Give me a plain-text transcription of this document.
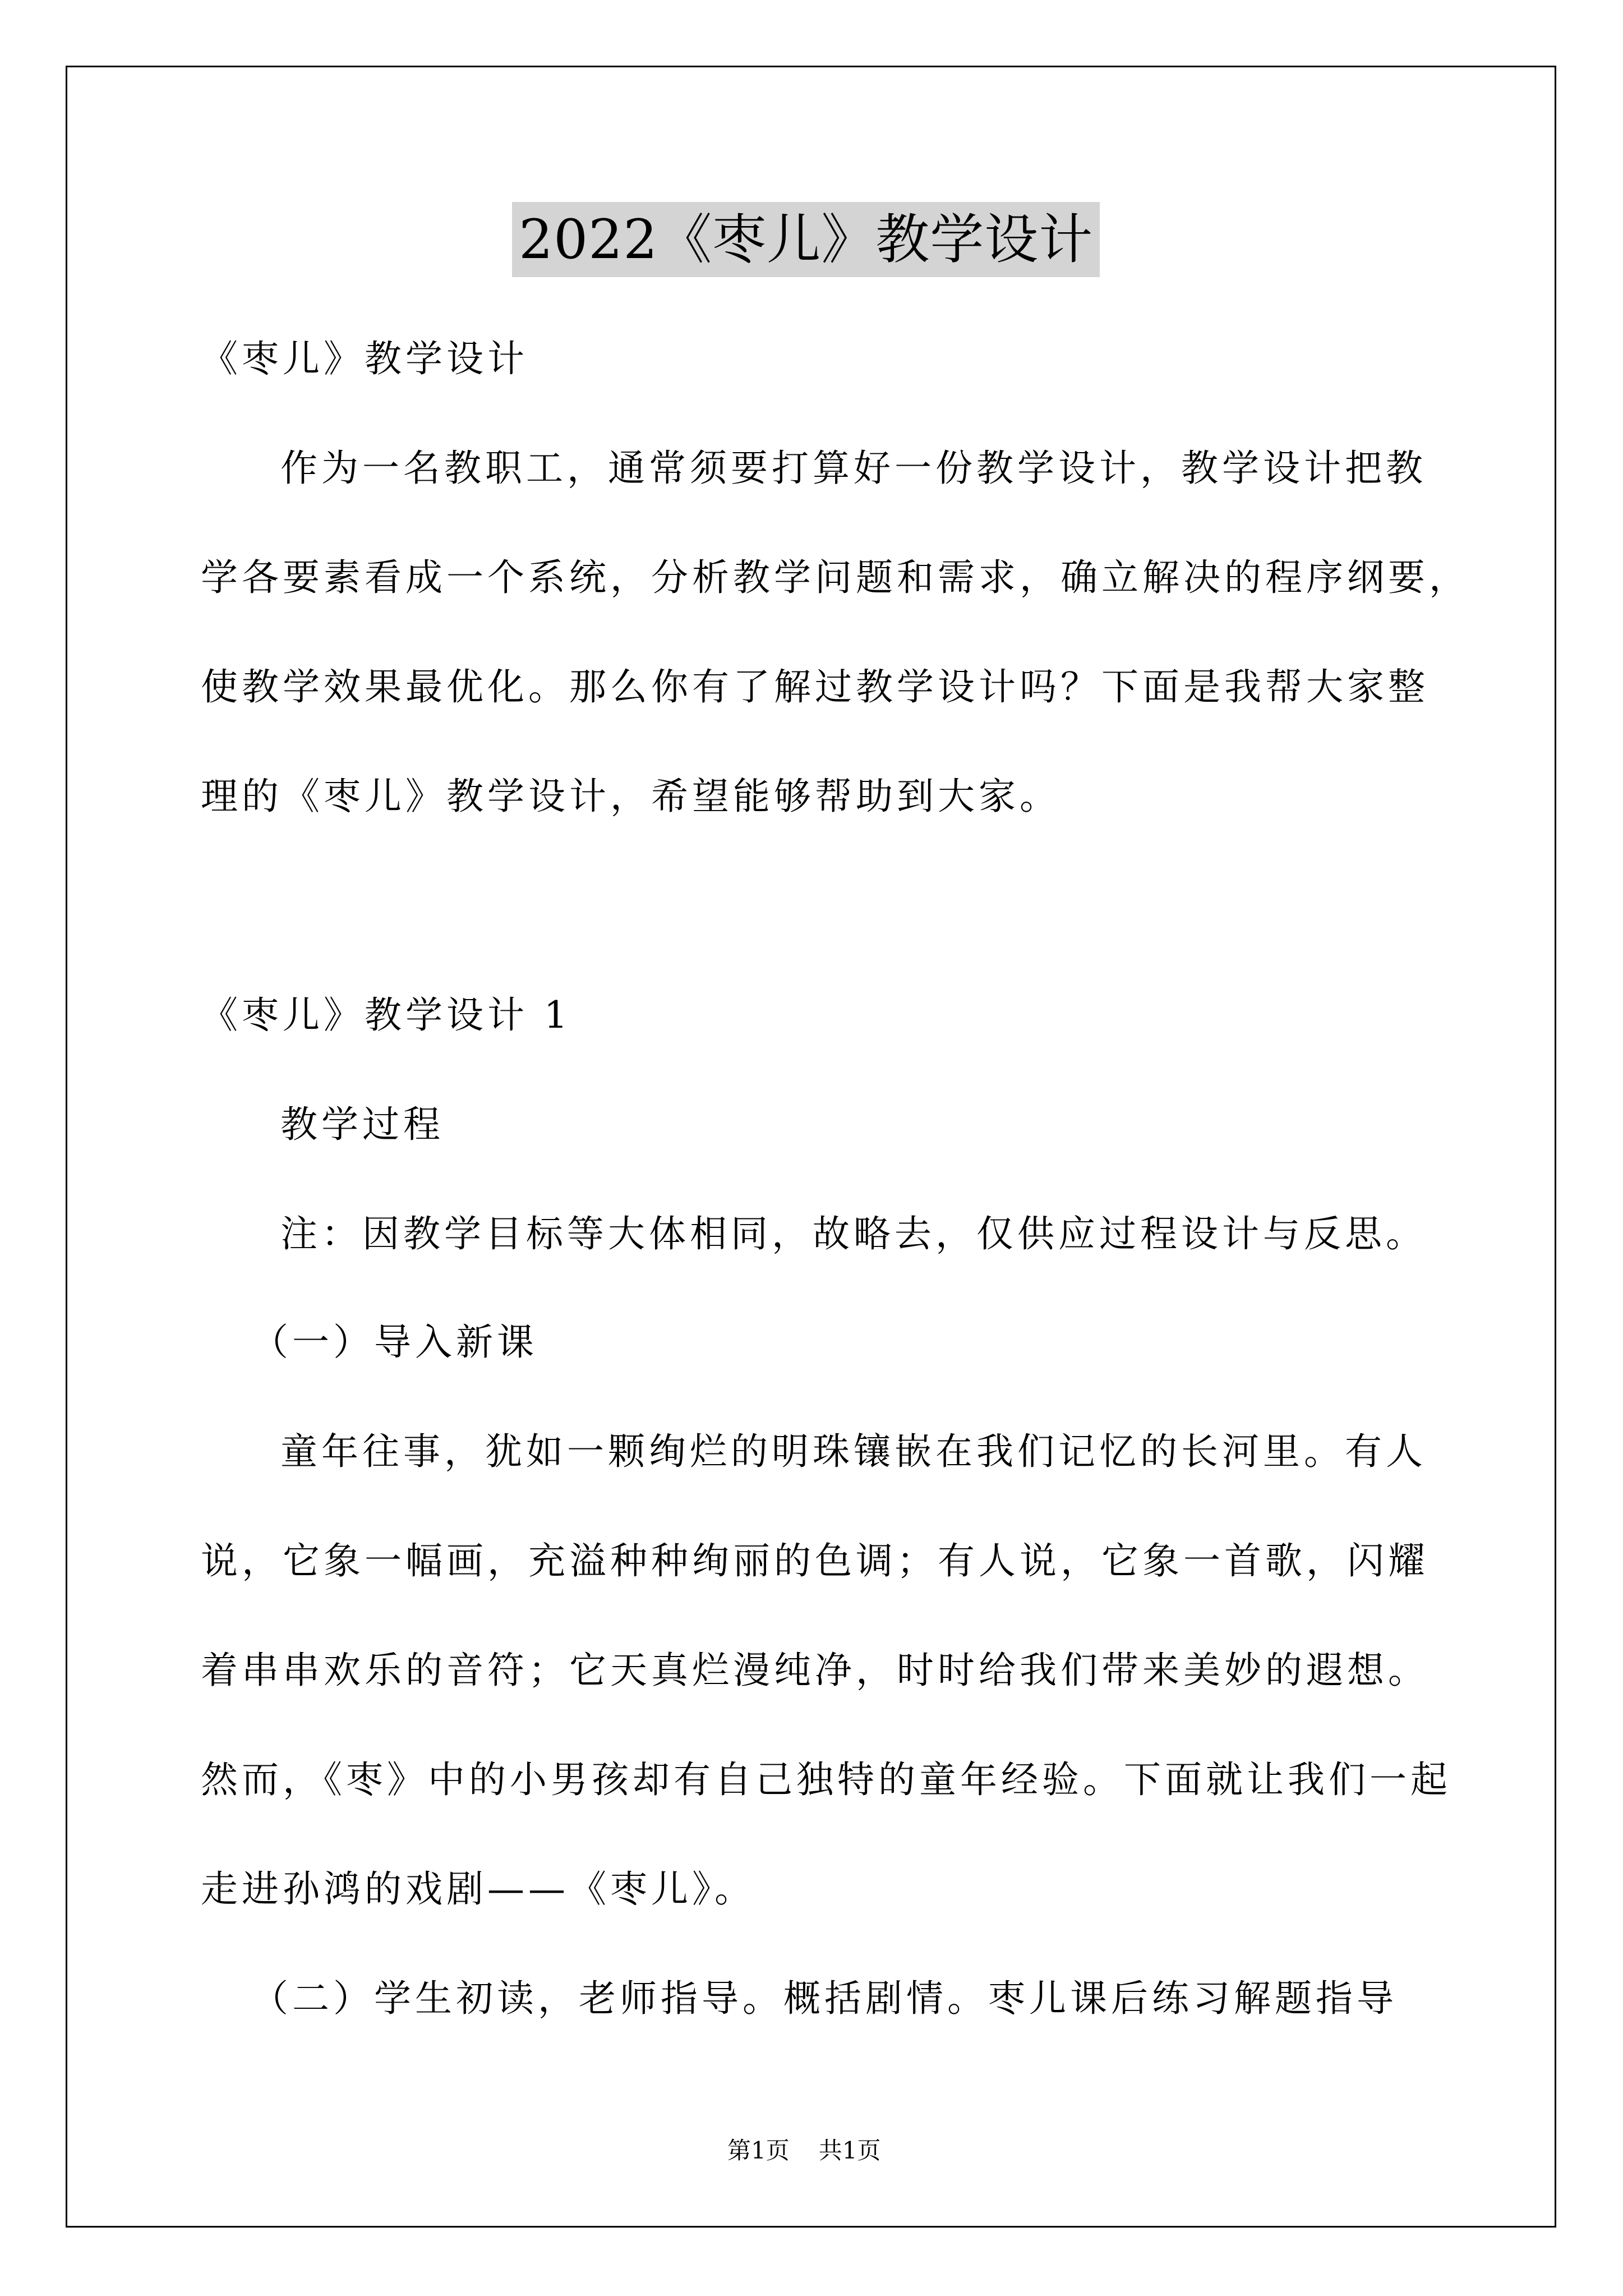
2022《枣儿》教学设计
《枣儿》教学设计
作为一名教职工，通常须要打算好一份教学设计，教学设计把教
学各要素看成一个系统，分析教学问题和需求，确立解决的程序纲要，
使教学效果最优化。那么你有了解过教学设计吗？下面是我帮大家整
理的《枣儿》教学设计，希望能够帮助到大家。
《枣儿》教学设计 1
教学过程
注：因教学目标等大体相同，故略去，仅供应过程设计与反思。
（一）导入新课
童年往事，犹如一颗绚烂的明珠镶嵌在我们记忆的长河里。有人
说，它象一幅画，充溢种种绚丽的色调；有人说，它象一首歌，闪耀
着串串欢乐的音符；它天真烂漫纯净，时时给我们带来美妙的遐想。
然而，《枣》中的小男孩却有自己独特的童年经验。下面就让我们一起
走进孙鸿的戏剧——《枣儿》。
（二）学生初读，老师指导。概括剧情。枣儿课后练习解题指导
第1页 共1页
